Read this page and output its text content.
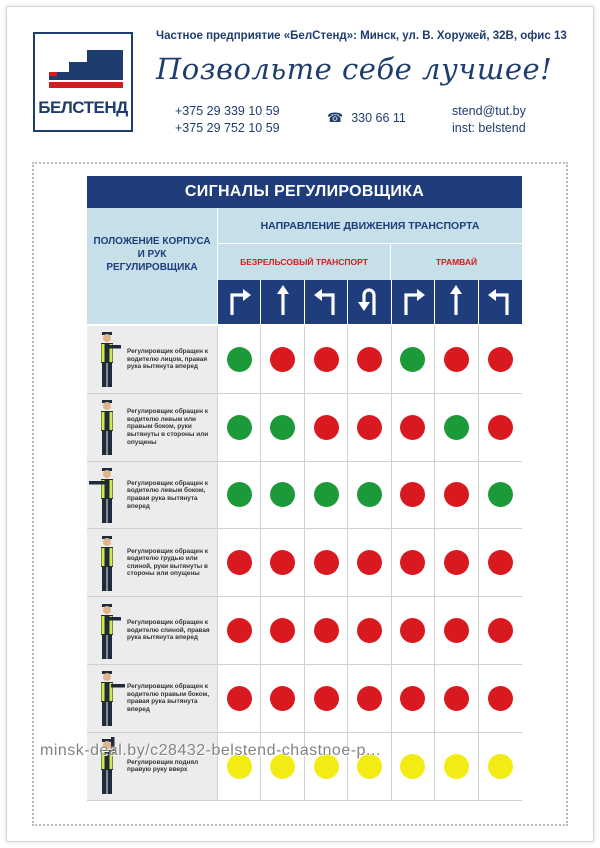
БЕЛСТЕНД
Частное предприятие «БелСтенд»: Минск, ул. В. Хоружей, 32В, офис 13
Позвольте себе лучшее!
+375 29 339 10 59
+375 29 752 10 59
☎ 330 66 11	stend@tut.by
inst: belstend
СИГНАЛЫ РЕГУЛИРОВЩИКА
ПОЛОЖЕНИЕ КОРПУСА И РУК РЕГУЛИРОВЩИКА
НАПРАВЛЕНИЕ ДВИЖЕНИЯ ТРАНСПОРТА
БЕЗРЕЛЬСОВЫЙ ТРАНСПОРТ	ТРАМВАЙ
Регулировщик обращен к водителю лицом, правая рука вытянута вперед
Регулировщик обращен к водителю левым или правым боком, руки вытянуты в стороны или опущены
Регулировщик обращен к водителю левым боком, правая рука вытянута вперед
Регулировщик обращен к водителю грудью или спиной, руки вытянуты в стороны или опущены
Регулировщик обращен к водителю спиной, правая рука вытянута вперед
Регулировщик обращен к водителю правым боком, правая рука вытянута вперед
Регулировщик поднял правую руку вверх
minsk-deal.by/c28432-belstend-chastnoe-p...
